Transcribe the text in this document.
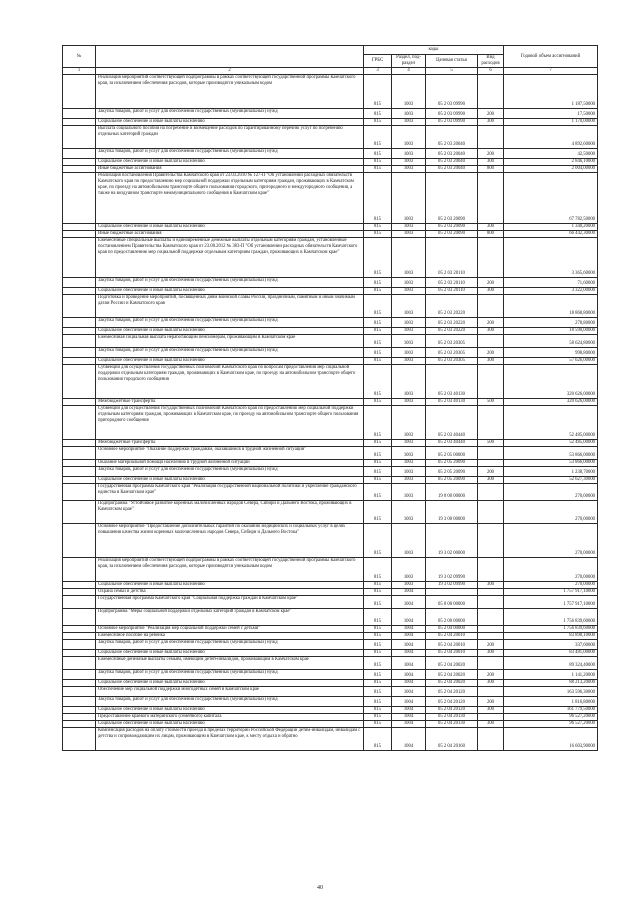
№		коды				Годовой объем ассигнований
		ГРБС	Раздел, под-раздел	Целевая статья	Вид расходов	
1	2	3	4	5	6	7
	Реализация мероприятий соответствующей подпрограммы в рамках соответствующей государственной программы Камчатского края, за исключением обеспечения расходов, которые производятся уникальным кодом	815	1003	05 2 03 09990		1 187,50000
	Закупка товаров, работ и услуг для обеспечения государственных (муниципальных) нужд	815	1003	05 2 03 09990	200	17,50000
	Социальное обеспечение и иные выплаты населению	815	1003	05 2 03 09990	300	1 170,00000
	Выплата социального пособия на погребение и возмещение расходов по гарантированному перечню услуг по погребению отдельных категорий граждан	815	1003	05 2 03 20040		4 892,60000
	Закупка товаров, работ и услуг для обеспечения государственных (муниципальных) нужд	815	1003	05 2 03 20040	200	42,50000
	Социальное обеспечение и иные выплаты населению	815	1003	05 2 03 20040	300	2 846,10000
	Иные бюджетные ассигнования	815	1003	05 2 03 20040	800	2 004,00000
	Реализация постановления Правительства Камчатского края от 23.03.2010 № 127-П "Об установлении расходных обязательств Камчатского края по предоставлению мер социальной поддержки отдельным категориям граждан, проживающих в Камчатском крае, по проезду на автомобильном транспорте общего пользования городского, пригородного и междугородного сообщения, а также на воздушном транспорте межмуниципального сообщения в Камчатском крае"	815	1003	05 2 03 20090		67 782,50000
	Социальное обеспечение и иные выплаты населению	815	1003	05 2 03 20090	300	1 340,20000
	Иные бюджетные ассигнования	815	1003	05 2 03 20090	800	66 442,30000
	Ежемесячные специальные выплаты и единовременные денежные выплаты отдельным категориям граждан, установленные постановлением Правительства Камчатского края от 23.08.2012 № 383-П "Об установлении расходных обязательств Камчатского края по предоставлению мер социальной поддержки отдельным категориям граждан, проживающих в Камчатском крае"	815	1003	05 2 03 20110		3 365,60000
	Закупка товаров, работ и услуг для обеспечения государственных (муниципальных) нужд	815	1003	05 2 03 20110	200	71,60000
	Социальное обеспечение и иные выплаты населению	815	1003	05 2 03 20110	300	3 322,00000
	Подготовка и проведение мероприятий, посвященных дням воинской славы России, праздничным, памятным и иным значимым датам России и Камчатского края	815	1003	05 2 03 20220		18 868,80000
	Закупка товаров, работ и услуг для обеспечения государственных (муниципальных) нужд	815	1003	05 2 03 20220	200	278,80000
	Социальное обеспечение и иные выплаты населению	815	1003	05 2 03 20220	300	18 590,00000
	Ежемесячная социальная выплата неработающим пенсионерам, проживающим в Камчатском крае	815	1003	05 2 03 20305		58 624,80000
	Закупка товаров, работ и услуг для обеспечения государственных (муниципальных) нужд	815	1003	05 2 03 20305	200	998,80000
	Социальное обеспечение и иные выплаты населению	815	1003	05 2 03 20305	300	57 626,00000
	Субвенции для осуществления государственных полномочий Камчатского края по вопросам предоставления мер социальной поддержки отдельным категориям граждан, проживающих в Камчатском крае, по проезду на автомобильном транспорте общего пользования городского сообщения	815	1003	05 2 03 40130		320 626,00000
	Межбюджетные трансферты	815	1003	05 2 03 40130	500	320 626,00000
	Субвенции для осуществления государственных полномочий Камчатского края по предоставлению мер социальной поддержки отдельным категориям граждан, проживающих в Камчатском крае, по проезду на автомобильном транспорте общего пользования пригородного сообщения	815	1003	05 2 03 40440		52 485,00000
	Межбюджетные трансферты	815	1003	05 2 03 40440	500	52 485,00000
	Основное мероприятие "Оказание поддержки гражданам, оказавшимся в трудной жизненной ситуации"	815	1003	05 2 05 00000		53 866,00000
	Оказание материальной помощи населению в трудной жизненной ситуации	815	1003	05 2 05 20090		53 866,00000
	Закупка товаров, работ и услуг для обеспечения государственных (муниципальных) нужд	815	1003	05 2 05 20090	200	1 238,70000
	Социальное обеспечение и иные выплаты населению	815	1003	05 2 05 20090	300	52 627,30000
	Государственная программа Камчатского края "Реализация государственной национальной политики и укрепление гражданского единства в Камчатском крае"	815	1003	19 0 00 00000		270,00000
	Подпрограмма "Устойчивое развитие коренных малочисленных народов Севера, Сибири и Дальнего Востока, проживающих в Камчатском крае"	815	1003	19 3 00 00000		270,00000
	Основное мероприятие "Предоставление дополнительных гарантий по оказанию медицинских и социальных услуг в целях повышения качества жизни коренных малочисленных народов Севера, Сибири и Дальнего Востока"	815	1003	19 3 02 00000		270,00000
	Реализация мероприятий соответствующей подпрограммы в рамках соответствующей государственной программы Камчатского края, за исключением обеспечения расходов, которые производятся уникальным кодом	815	1003	19 3 02 09990		270,00000
	Социальное обеспечение и иные выплаты населению	815	1003	19 3 02 09990	300	270,00000
	Охрана семьи и детства	815	1004			1 757 917,10000
	Государственная программа Камчатского края "Социальная поддержка граждан в Камчатском крае"	815	1004	05 0 00 00000		1 757 917,10000
	Подпрограмма "Меры социальной поддержки отдельных категорий граждан в Камчатском крае"	815	1004	05 2 00 00000		1 756 839,60000
	Основное мероприятие "Реализация мер социальной поддержки семей с детьми"	815	1004	05 2 04 00000		1 756 839,60000
	Ежемесячное пособие на ребенка	815	1004	05 2 04 20010		83 898,10000
	Закупка товаров, работ и услуг для обеспечения государственных (муниципальных) нужд	815	1004	05 2 04 20010	200	337,60000
	Социальное обеспечение и иные выплаты населению	815	1004	05 2 04 20010	300	83 481,00000
	Ежемесячные денежные выплаты семьям, имеющим детей-инвалидов, проживающим в Камчатском крае	815	1004	05 2 04 20020		89 324,40000
	Закупка товаров, работ и услуг для обеспечения государственных (муниципальных) нужд	815	1004	05 2 04 20020	200	1 141,20000
	Социальное обеспечение и иные выплаты населению	815	1004	05 2 04 20020	300	88 213,20000
	Обеспечение мер социальной поддержки многодетных семей в Камчатском крае	815	1004	05 2 04 20120		163 596,30000
	Закупка товаров, работ и услуг для обеспечения государственных (муниципальных) нужд	815	1004	05 2 04 20120	200	1 816,80000
	Социальное обеспечение и иные выплаты населению	815	1004	05 2 04 20120	300	161 779,50000
	Предоставление краевого материнского (семейного) капитала	815	1004	05 2 04 20130		96 527,20000
	Социальное обеспечение и иные выплаты населению	815	1004	05 2 04 20130	300	96 527,20000
	Компенсация расходов на оплату стоимости проезда в пределах территории Российской Федерации детям-инвалидам, инвалидам с детства и сопровождающим их лицам, проживающим в Камчатском крае, к месту отдыха и обратно	815	1004	05 2 04 20160		16 603,90000
40
